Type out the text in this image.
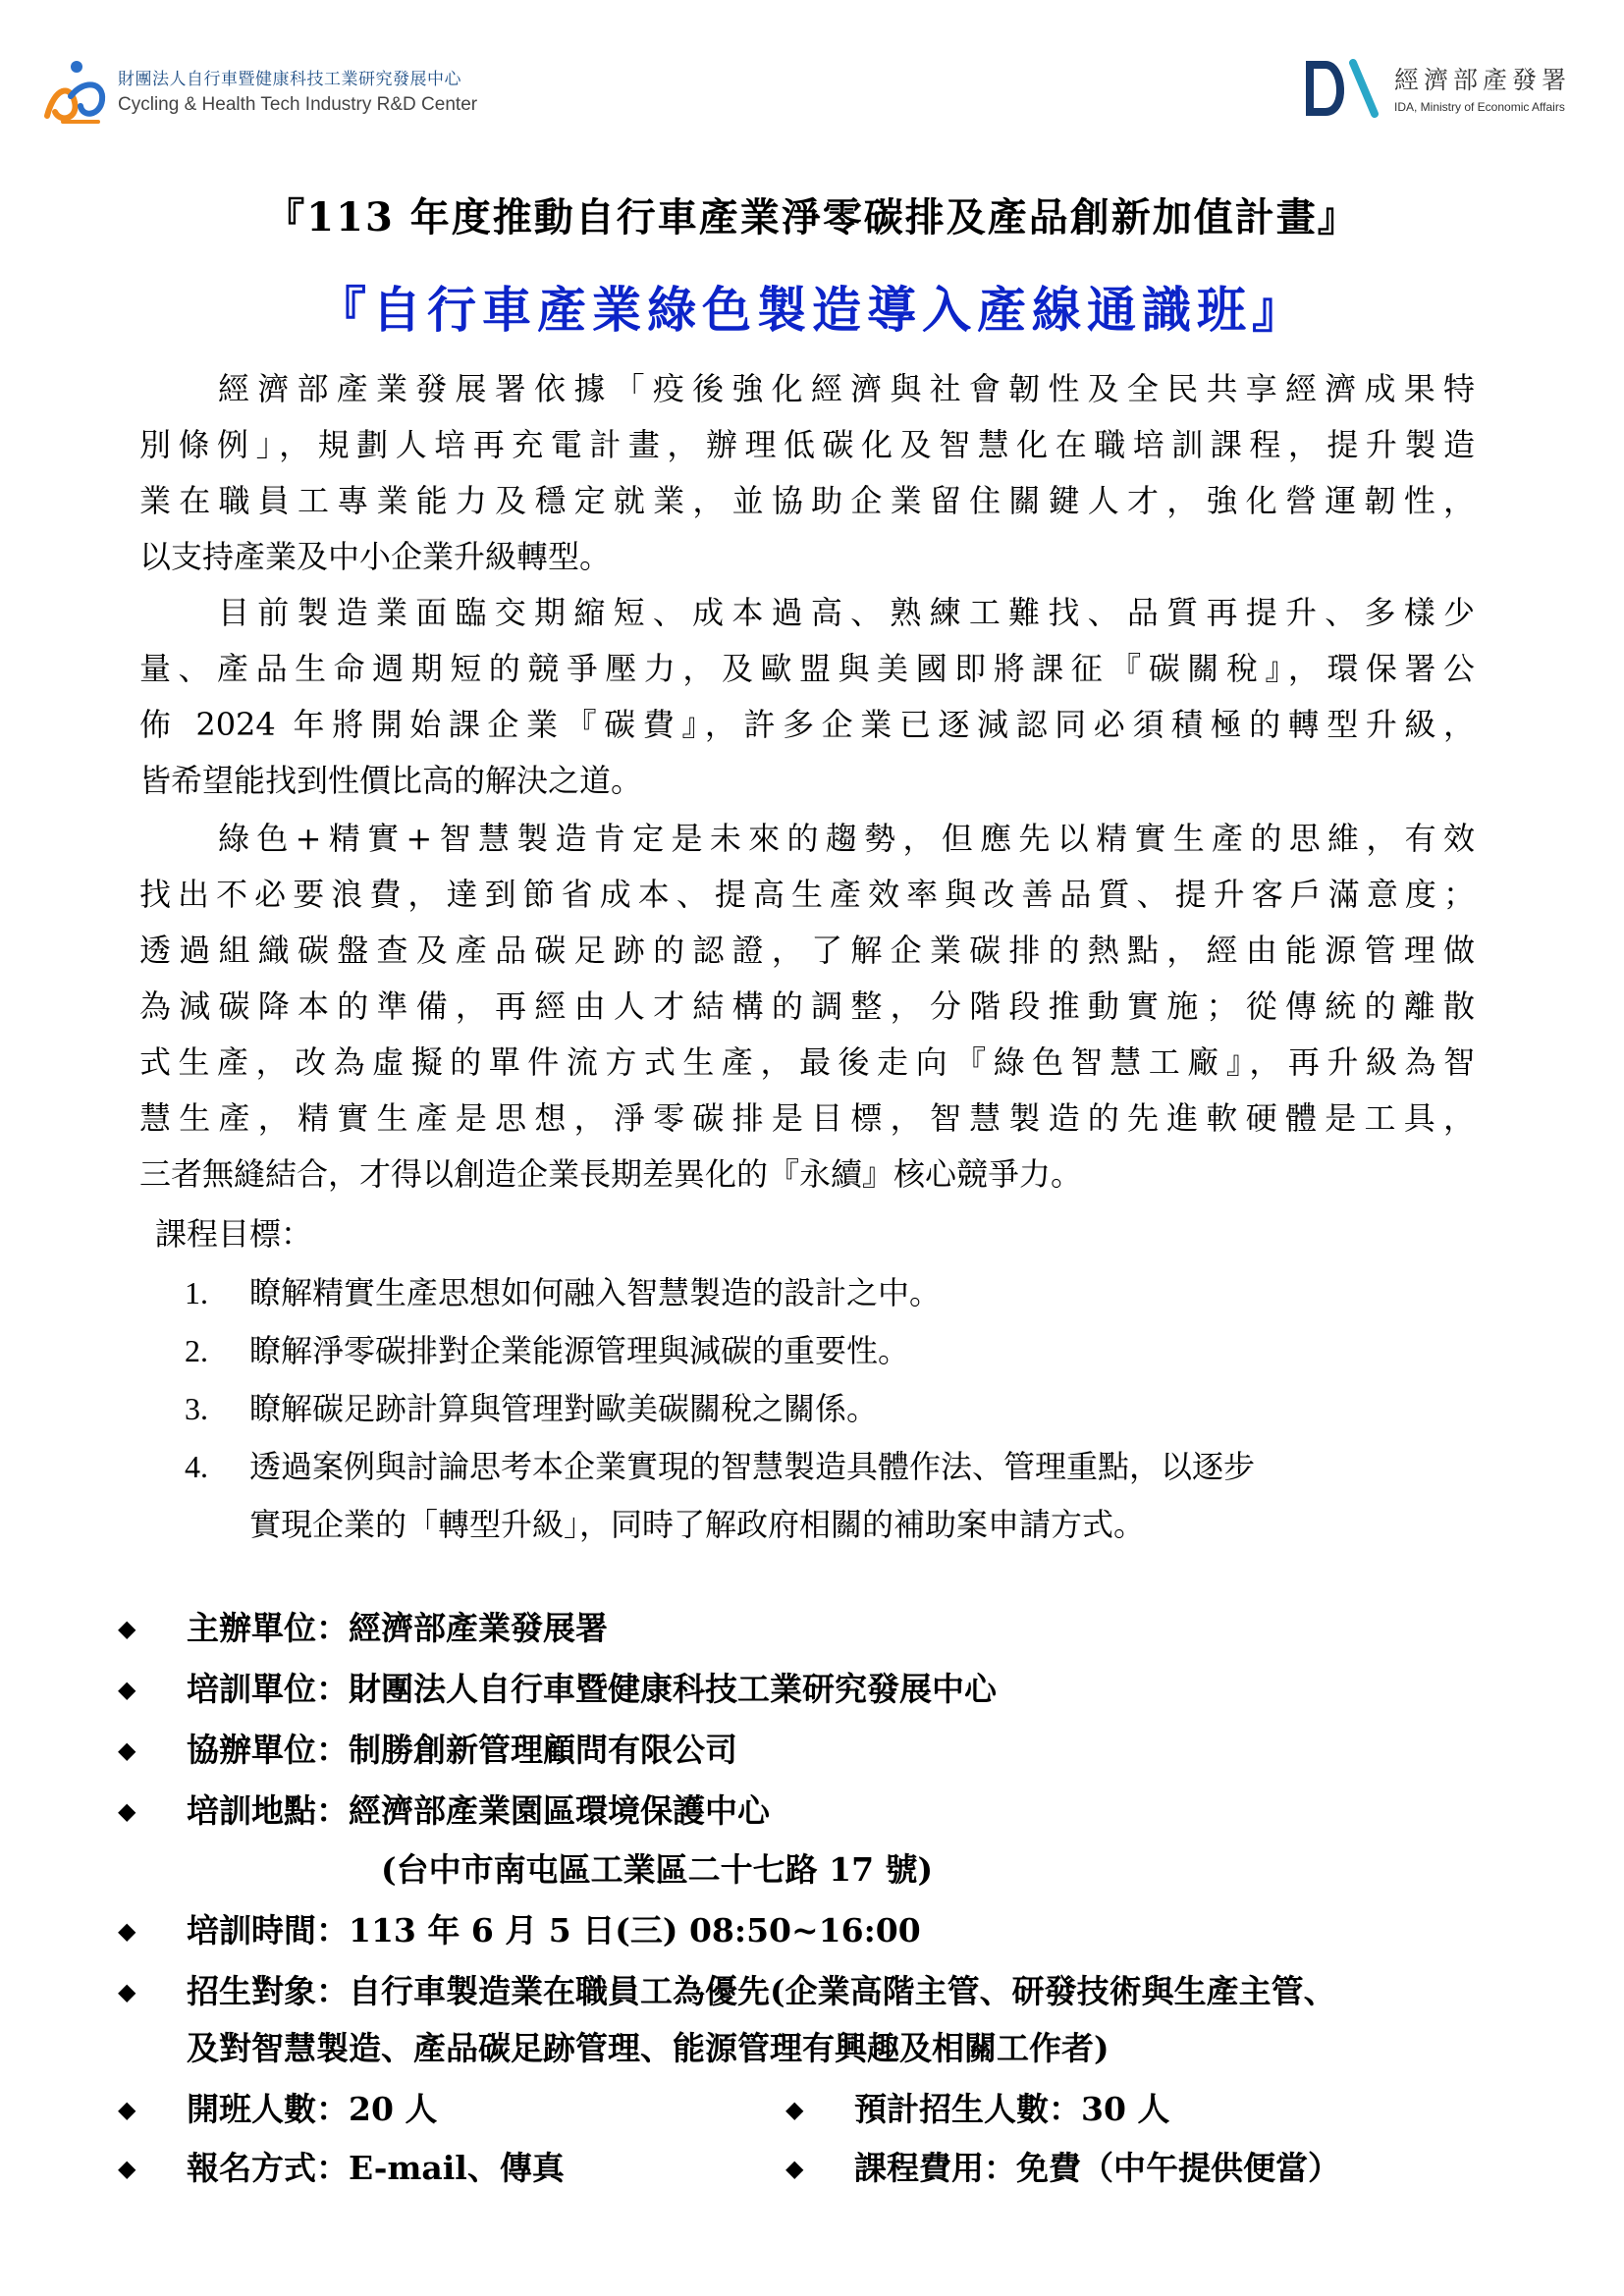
財團法人自行車暨健康科技工業研究發展中心
Cycling & Health Tech Industry R&D Center
經濟部產發署
IDA, Ministry of Economic Affairs
『113 年度推動自行車產業淨零碳排及產品創新加值計畫』
『自行車產業綠色製造導入產線通識班』
經濟部產業發展署依據「疫後強化經濟與社會韌性及全民共享經濟成果特
別條例」，規劃人培再充電計畫，辦理低碳化及智慧化在職培訓課程，提升製造
業在職員工專業能力及穩定就業，並協助企業留住關鍵人才，強化營運韌性，
以支持產業及中小企業升級轉型。
目前製造業面臨交期縮短、成本過高、熟練工難找、品質再提升、多樣少
量、產品生命週期短的競爭壓力，及歐盟與美國即將課征『碳關稅』，環保署公
佈 2024 年將開始課企業『碳費』，許多企業已逐減認同必須積極的轉型升級，
皆希望能找到性價比高的解決之道。
綠色+精實+智慧製造肯定是未來的趨勢，但應先以精實生產的思維，有效
找出不必要浪費，達到節省成本、提高生產效率與改善品質、提升客戶滿意度；
透過組織碳盤查及產品碳足跡的認證，了解企業碳排的熱點，經由能源管理做
為減碳降本的準備，再經由人才結構的調整，分階段推動實施；從傳統的離散
式生產，改為虛擬的單件流方式生產，最後走向『綠色智慧工廠』，再升級為智
慧生產，精實生產是思想，淨零碳排是目標，智慧製造的先進軟硬體是工具，
三者無縫結合，才得以創造企業長期差異化的『永續』核心競爭力。
課程目標：
1. 瞭解精實生產思想如何融入智慧製造的設計之中。
2. 瞭解淨零碳排對企業能源管理與減碳的重要性。
3. 瞭解碳足跡計算與管理對歐美碳關稅之關係。
4. 透過案例與討論思考本企業實現的智慧製造具體作法、管理重點，以逐步
實現企業的「轉型升級」，同時了解政府相關的補助案申請方式。
◆ 主辦單位：經濟部產業發展署
◆ 培訓單位：財團法人自行車暨健康科技工業研究發展中心
◆ 協辦單位：制勝創新管理顧問有限公司
◆ 培訓地點：經濟部產業園區環境保護中心
(台中市南屯區工業區二十七路 17 號)
◆ 培訓時間：113 年 6 月 5 日(三) 08:50~16:00
◆ 招生對象：自行車製造業在職員工為優先(企業高階主管、研發技術與生產主管、
及對智慧製造、產品碳足跡管理、能源管理有興趣及相關工作者)
◆ 開班人數：20 人	◆ 預計招生人數：30 人
◆ 報名方式：E-mail、傳真	◆ 課程費用：免費（中午提供便當）
